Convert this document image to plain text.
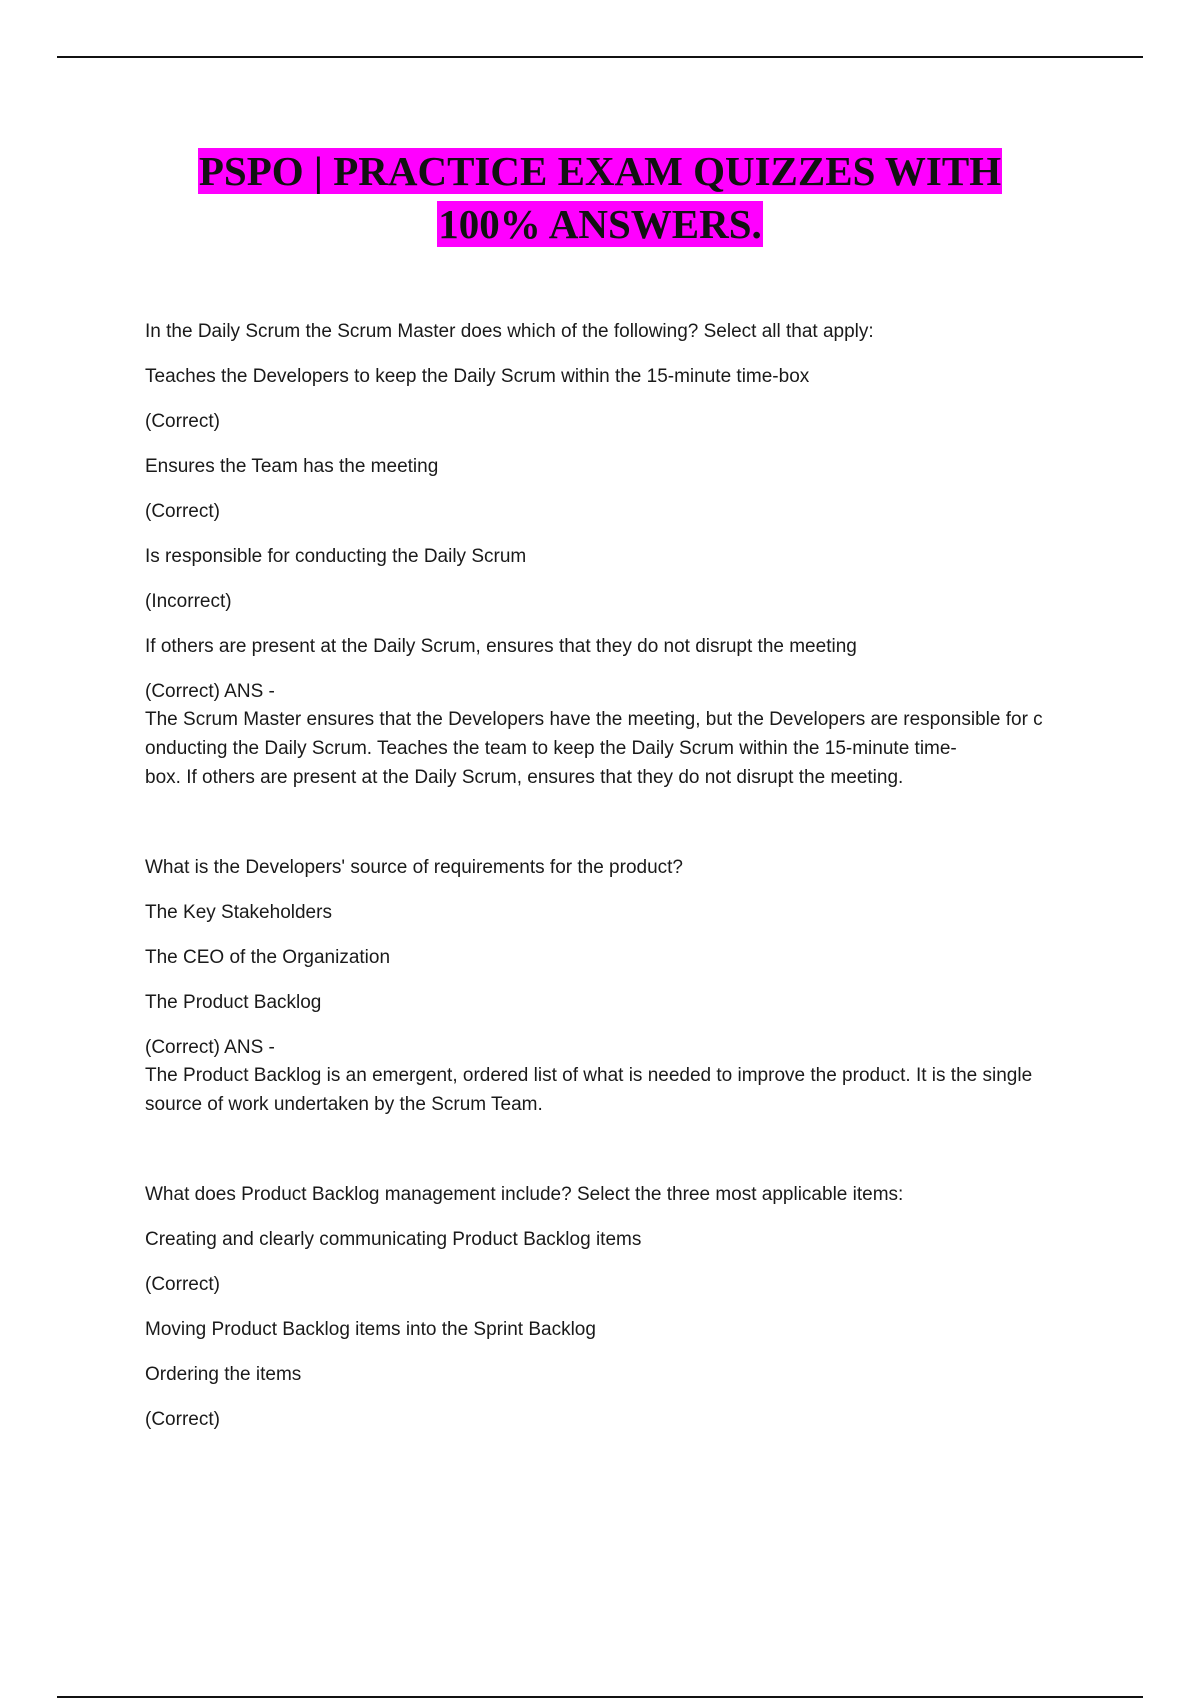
PSPO | PRACTICE EXAM QUIZZES WITH
100% ANSWERS.

In the Daily Scrum the Scrum Master does which of the following? Select all that apply:

Teaches the Developers to keep the Daily Scrum within the 15-minute time-box

(Correct)

Ensures the Team has the meeting

(Correct)

Is responsible for conducting the Daily Scrum

(Incorrect)

If others are present at the Daily Scrum, ensures that they do not disrupt the meeting

(Correct) ANS -

The Scrum Master ensures that the Developers have the meeting, but the Developers are responsible for c
onducting the Daily Scrum. Teaches the team to keep the Daily Scrum within the 15-minute time-
box. If others are present at the Daily Scrum, ensures that they do not disrupt the meeting.

What is the Developers' source of requirements for the product?

The Key Stakeholders

The CEO of the Organization

The Product Backlog

(Correct) ANS -

The Product Backlog is an emergent, ordered list of what is needed to improve the product. It is the single
source of work undertaken by the Scrum Team.

What does Product Backlog management include? Select the three most applicable items:

Creating and clearly communicating Product Backlog items

(Correct)

Moving Product Backlog items into the Sprint Backlog

Ordering the items

(Correct)
